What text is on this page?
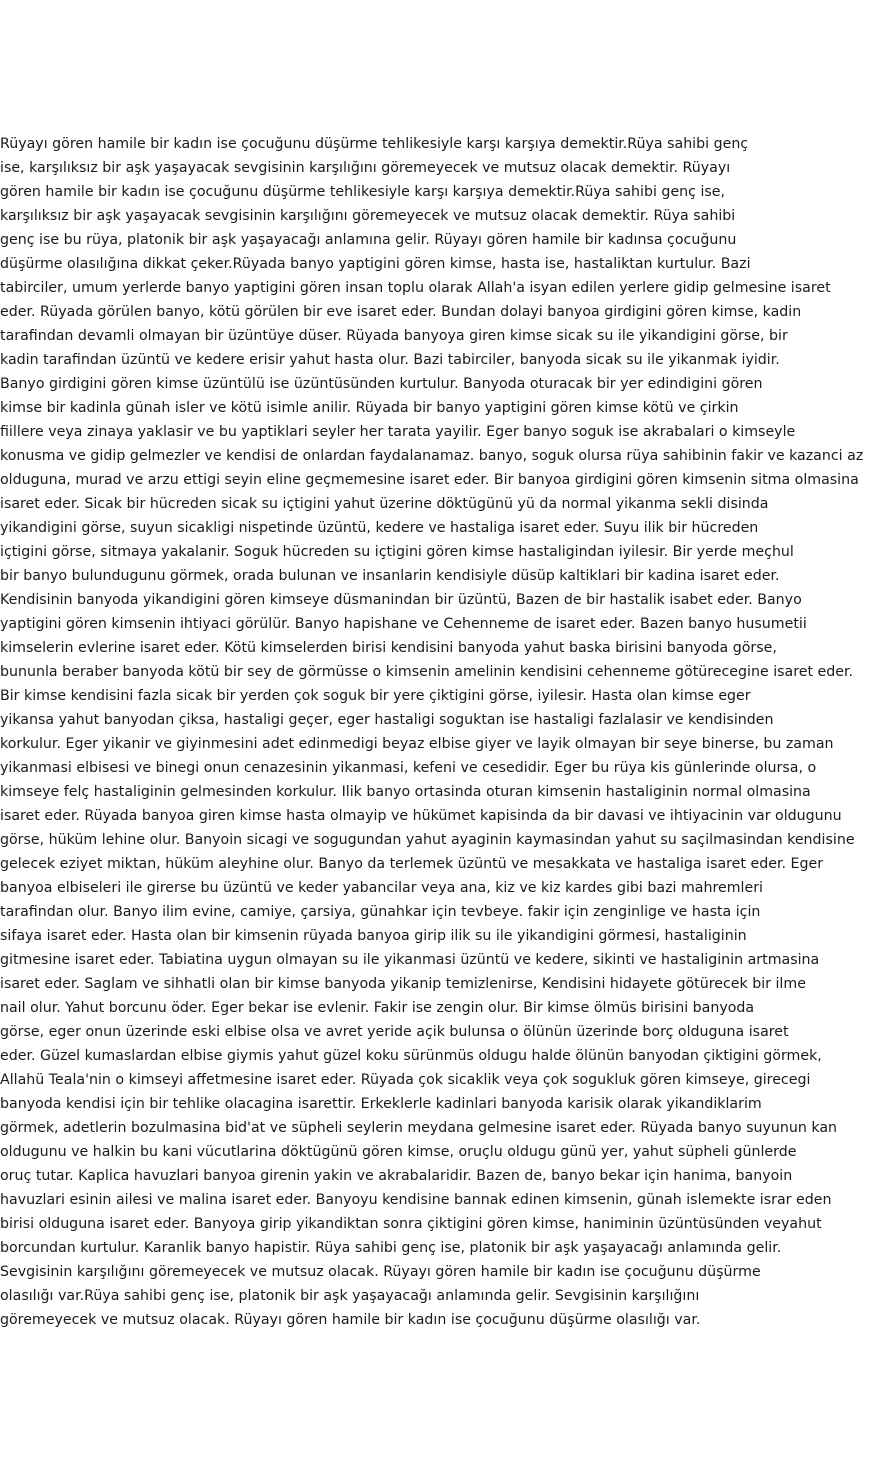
Rüyayı gören hamile bir kadın ise çocuğunu düşürme tehlikesiyle karşı karşıya demektir.Rüya sahibi genç
ise, karşılıksız bir aşk yaşayacak sevgisinin karşılığını göremeyecek ve mutsuz olacak demektir. Rüyayı
gören hamile bir kadın ise çocuğunu düşürme tehlikesiyle karşı karşıya demektir.Rüya sahibi genç ise,
karşılıksız bir aşk yaşayacak sevgisinin karşılığını göremeyecek ve mutsuz olacak demektir. Rüya sahibi
genç ise bu rüya, platonik bir aşk yaşayacağı anlamına gelir. Rüyayı gören hamile bir kadınsa çocuğunu
düşürme olasılığına dikkat çeker.Rüyada banyo yaptigini gören kimse, hasta ise, hastaliktan kurtulur. Bazi
tabirciler, umum yerlerde banyo yaptigini gören insan toplu olarak Allah'a isyan edilen yerlere gidip gelmesine isaret
eder. Rüyada görülen banyo, kötü görülen bir eve isaret eder. Bundan dolayi banyoa girdigini gören kimse, kadin
tarafindan devamli olmayan bir üzüntüye düser. Rüyada banyoya giren kimse sicak su ile yikandigini görse, bir
kadin tarafindan üzüntü ve kedere erisir yahut hasta olur. Bazi tabirciler, banyoda sicak su ile yikanmak iyidir.
Banyo girdigini gören kimse üzüntülü ise üzüntüsünden kurtulur. Banyoda oturacak bir yer edindigini gören
kimse bir kadinla günah isler ve kötü isimle anilir. Rüyada bir banyo yaptigini gören kimse kötü ve çirkin
fiillere veya zinaya yaklasir ve bu yaptiklari seyler her tarata yayilir. Eger banyo soguk ise akrabalari o kimseyle
konusma ve gidip gelmezler ve kendisi de onlardan faydalanamaz. banyo, soguk olursa rüya sahibinin fakir ve kazanci az
olduguna, murad ve arzu ettigi seyin eline geçmemesine isaret eder. Bir banyoa girdigini gören kimsenin sitma olmasina
isaret eder. Sicak bir hücreden sicak su içtigini yahut üzerine döktügünü yü da normal yikanma sekli disinda
yikandigini görse, suyun sicakligi nispetinde üzüntü, kedere ve hastaliga isaret eder. Suyu ilik bir hücreden
içtigini görse, sitmaya yakalanir. Soguk hücreden su içtigini gören kimse hastaligindan iyilesir. Bir yerde meçhul
bir banyo bulundugunu görmek, orada bulunan ve insanlarin kendisiyle düsüp kaltiklari bir kadina isaret eder.
Kendisinin banyoda yikandigini gören kimseye düsmanindan bir üzüntü, Bazen de bir hastalik isabet eder. Banyo
yaptigini gören kimsenin ihtiyaci görülür. Banyo hapishane ve Cehenneme de isaret eder. Bazen banyo husumetii
kimselerin evlerine isaret eder. Kötü kimselerden birisi kendisini banyoda yahut baska birisini banyoda görse,
bununla beraber banyoda kötü bir sey de görmüsse o kimsenin amelinin kendisini cehenneme götürecegine isaret eder.
Bir kimse kendisini fazla sicak bir yerden çok soguk bir yere çiktigini görse, iyilesir. Hasta olan kimse eger
yikansa yahut banyodan çiksa, hastaligi geçer, eger hastaligi soguktan ise hastaligi fazlalasir ve kendisinden
korkulur. Eger yikanir ve giyinmesini adet edinmedigi beyaz elbise giyer ve layik olmayan bir seye binerse, bu zaman
yikanmasi elbisesi ve binegi onun cenazesinin yikanmasi, kefeni ve cesedidir. Eger bu rüya kis günlerinde olursa, o
kimseye felç hastaliginin gelmesinden korkulur. Ilik banyo ortasinda oturan kimsenin hastaliginin normal olmasina
isaret eder. Rüyada banyoa giren kimse hasta olmayip ve hükümet kapisinda da bir davasi ve ihtiyacinin var oldugunu
görse, hüküm lehine olur. Banyoin sicagi ve sogugundan yahut ayaginin kaymasindan yahut su saçilmasindan kendisine
gelecek eziyet miktan, hüküm aleyhine olur. Banyo da terlemek üzüntü ve mesakkata ve hastaliga isaret eder. Eger
banyoa elbiseleri ile girerse bu üzüntü ve keder yabancilar veya ana, kiz ve kiz kardes gibi bazi mahremleri
tarafindan olur. Banyo ilim evine, camiye, çarsiya, günahkar için tevbeye. fakir için zenginlige ve hasta için
sifaya isaret eder. Hasta olan bir kimsenin rüyada banyoa girip ilik su ile yikandigini görmesi, hastaliginin
gitmesine isaret eder. Tabiatina uygun olmayan su ile yikanmasi üzüntü ve kedere, sikinti ve hastaliginin artmasina
isaret eder. Saglam ve sihhatli olan bir kimse banyoda yikanip temizlenirse, Kendisini hidayete götürecek bir ilme
nail olur. Yahut borcunu öder. Eger bekar ise evlenir. Fakir ise zengin olur. Bir kimse ölmüs birisini banyoda
görse, eger onun üzerinde eski elbise olsa ve avret yeride açik bulunsa o ölünün üzerinde borç olduguna isaret
eder. Güzel kumaslardan elbise giymis yahut güzel koku sürünmüs oldugu halde ölünün banyodan çiktigini görmek,
Allahü Teala'nin o kimseyi affetmesine isaret eder. Rüyada çok sicaklik veya çok sogukluk gören kimseye, girecegi
banyoda kendisi için bir tehlike olacagina isarettir. Erkeklerle kadinlari banyoda karisik olarak yikandiklarim
görmek, adetlerin bozulmasina bid'at ve süpheli seylerin meydana gelmesine isaret eder. Rüyada banyo suyunun kan
oldugunu ve halkin bu kani vücutlarina döktügünü gören kimse, oruçlu oldugu günü yer, yahut süpheli günlerde
oruç tutar. Kaplica havuzlari banyoa girenin yakin ve akrabalaridir. Bazen de, banyo bekar için hanima, banyoin
havuzlari esinin ailesi ve malina isaret eder. Banyoyu kendisine bannak edinen kimsenin, günah islemekte israr eden
birisi olduguna isaret eder. Banyoya girip yikandiktan sonra çiktigini gören kimse, haniminin üzüntüsünden veyahut
borcundan kurtulur. Karanlik banyo hapistir. Rüya sahibi genç ise, platonik bir aşk yaşayacağı anlamında gelir.
Sevgisinin karşılığını göremeyecek ve mutsuz olacak. Rüyayı gören hamile bir kadın ise çocuğunu düşürme
olasılığı var.Rüya sahibi genç ise, platonik bir aşk yaşayacağı anlamında gelir. Sevgisinin karşılığını
göremeyecek ve mutsuz olacak. Rüyayı gören hamile bir kadın ise çocuğunu düşürme olasılığı var.
